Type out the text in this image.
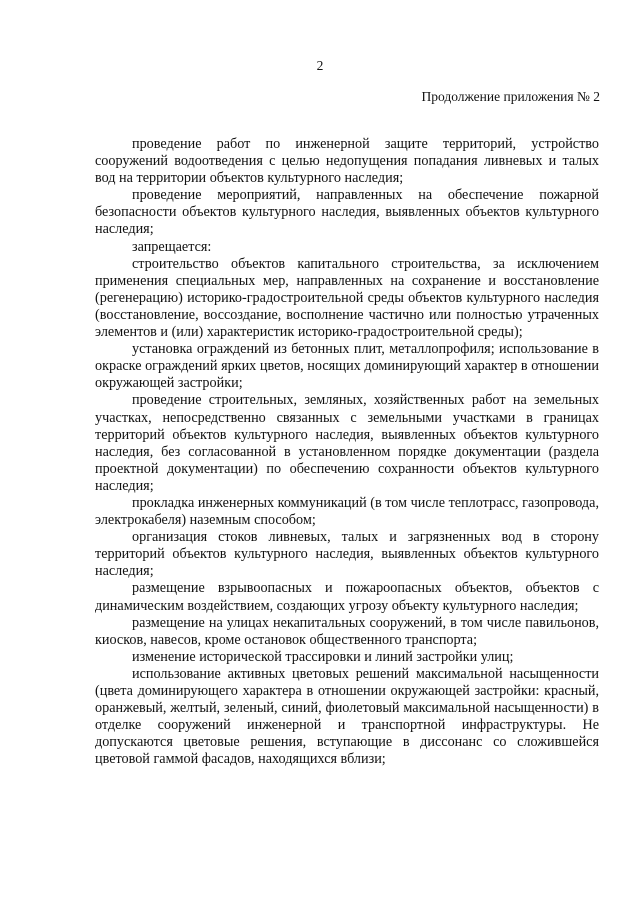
2
Продолжение приложения № 2

проведение работ по инженерной защите территорий, устройство сооружений водоотведения с целью недопущения попадания ливневых и талых вод на территории объектов культурного наследия;

проведение мероприятий, направленных на обеспечение пожарной безопасности объектов культурного наследия, выявленных объектов культурного наследия;

запрещается:

строительство объектов капитального строительства, за исключением применения специальных мер, направленных на сохранение и восстановление (регенерацию) историко-градостроительной среды объектов культурного наследия (восстановление, воссоздание, восполнение частично или полностью утраченных элементов и (или) характеристик историко-градостроительной среды);

установка ограждений из бетонных плит, металлопрофиля; использование в окраске ограждений ярких цветов, носящих доминирующий характер в отношении окружающей застройки;

проведение строительных, земляных, хозяйственных работ на земельных участках, непосредственно связанных с земельными участками в границах территорий объектов культурного наследия, выявленных объектов культурного наследия, без согласованной в установленном порядке документации (раздела проектной документации) по обеспечению сохранности объектов культурного наследия;

прокладка инженерных коммуникаций (в том числе теплотрасс, газопровода, электрокабеля) наземным способом;

организация стоков ливневых, талых и загрязненных вод в сторону территорий объектов культурного наследия, выявленных объектов культурного наследия;

размещение взрывоопасных и пожароопасных объектов, объектов с динамическим воздействием, создающих угрозу объекту культурного наследия;

размещение на улицах некапитальных сооружений, в том числе павильонов, киосков, навесов, кроме остановок общественного транспорта;

изменение исторической трассировки и линий застройки улиц;

использование активных цветовых решений максимальной насыщенности (цвета доминирующего характера в отношении окружающей застройки: красный, оранжевый, желтый, зеленый, синий, фиолетовый максимальной насыщенности) в отделке сооружений инженерной и транспортной инфраструктуры. Не допускаются цветовые решения, вступающие в диссонанс со сложившейся цветовой гаммой фасадов, находящихся вблизи;
